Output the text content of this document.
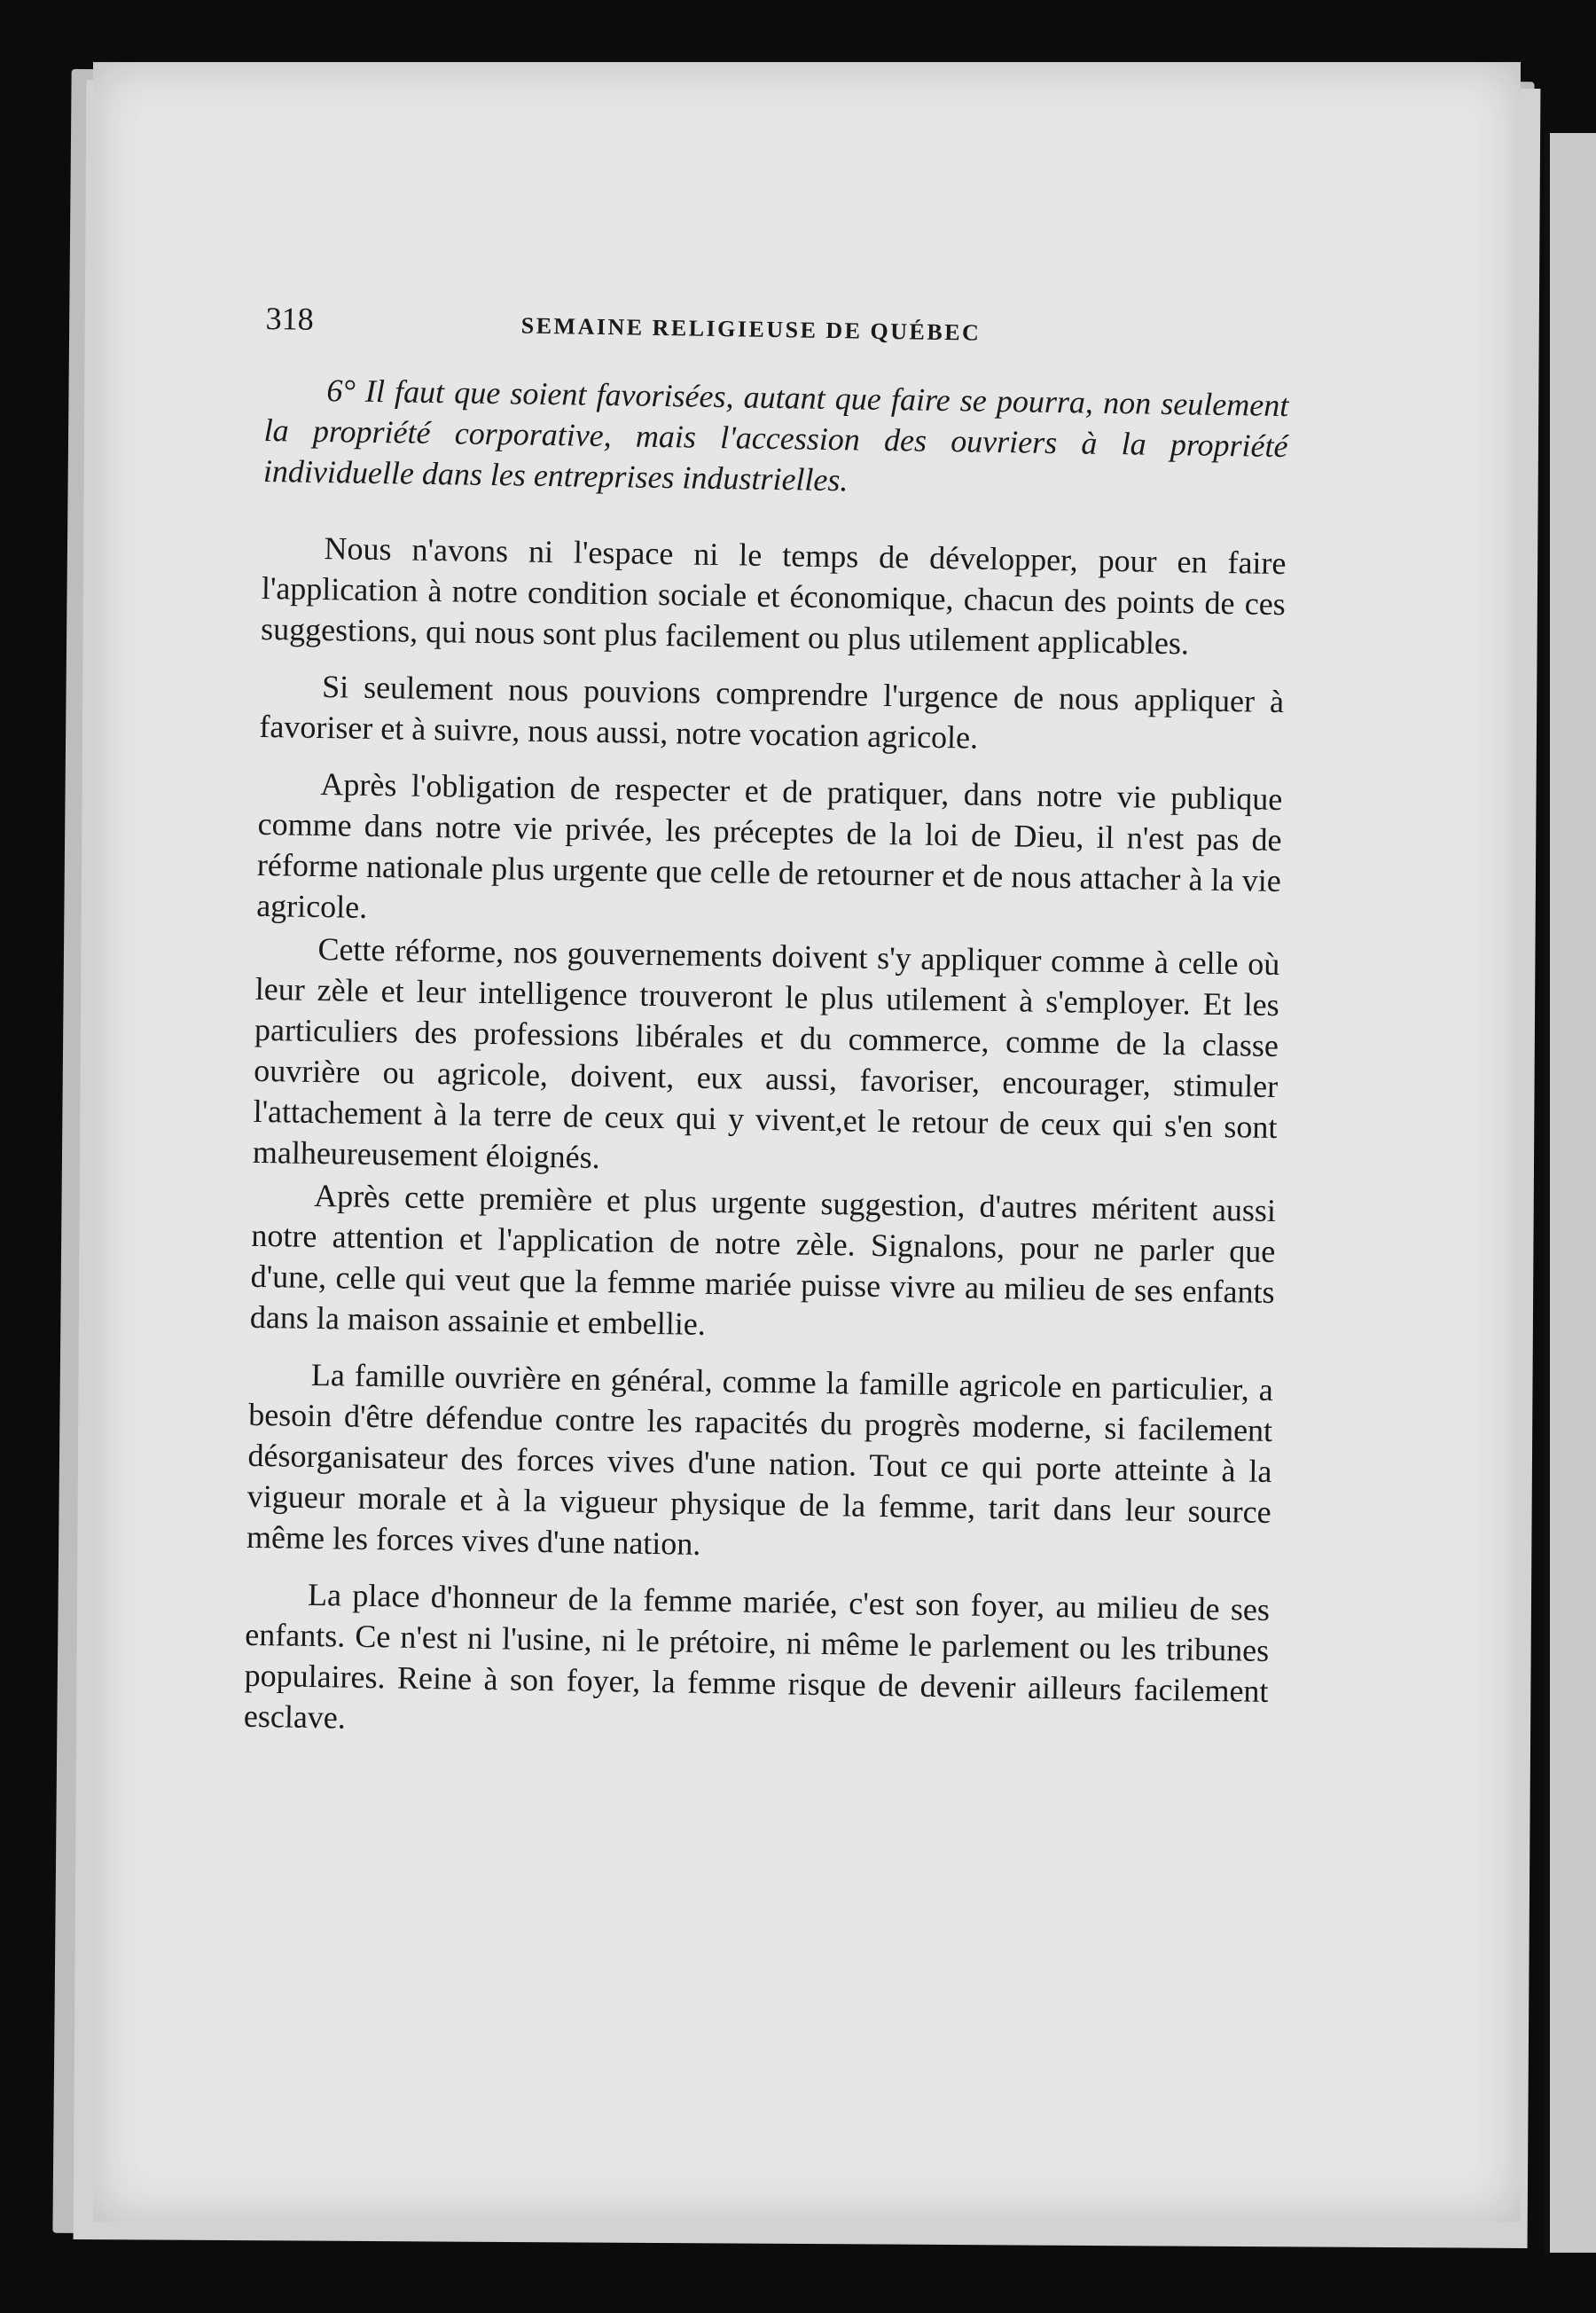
318	SEMAINE RELIGIEUSE DE QUÉBEC

6° Il faut que soient favorisées, autant que faire se pourra, non seulement la propriété corporative, mais l'accession des ouvriers à la propriété individuelle dans les entreprises industrielles.

Nous n'avons ni l'espace ni le temps de développer, pour en faire l'application à notre condition sociale et économique, chacun des points de ces suggestions, qui nous sont plus facilement ou plus utilement applicables.

Si seulement nous pouvions comprendre l'urgence de nous appliquer à favoriser et à suivre, nous aussi, notre vocation agricole.

Après l'obligation de respecter et de pratiquer, dans notre vie publique comme dans notre vie privée, les préceptes de la loi de Dieu, il n'est pas de réforme nationale plus urgente que celle de retourner et de nous attacher à la vie agricole.

Cette réforme, nos gouvernements doivent s'y appliquer comme à celle où leur zèle et leur intelligence trouveront le plus utilement à s'employer. Et les particuliers des professions libérales et du commerce, comme de la classe ouvrière ou agricole, doivent, eux aussi, favoriser, encourager, stimuler l'attachement à la terre de ceux qui y vivent,et le retour de ceux qui s'en sont malheureusement éloignés.

Après cette première et plus urgente suggestion, d'autres méritent aussi notre attention et l'application de notre zèle. Signalons, pour ne parler que d'une, celle qui veut que la femme mariée puisse vivre au milieu de ses enfants dans la maison assainie et embellie.

La famille ouvrière en général, comme la famille agricole en particulier, a besoin d'être défendue contre les rapacités du progrès moderne, si facilement désorganisateur des forces vives d'une nation. Tout ce qui porte atteinte à la vigueur morale et à la vigueur physique de la femme, tarit dans leur source même les forces vives d'une nation.

La place d'honneur de la femme mariée, c'est son foyer, au milieu de ses enfants. Ce n'est ni l'usine, ni le prétoire, ni même le parlement ou les tribunes populaires. Reine à son foyer, la femme risque de devenir ailleurs facilement esclave.
